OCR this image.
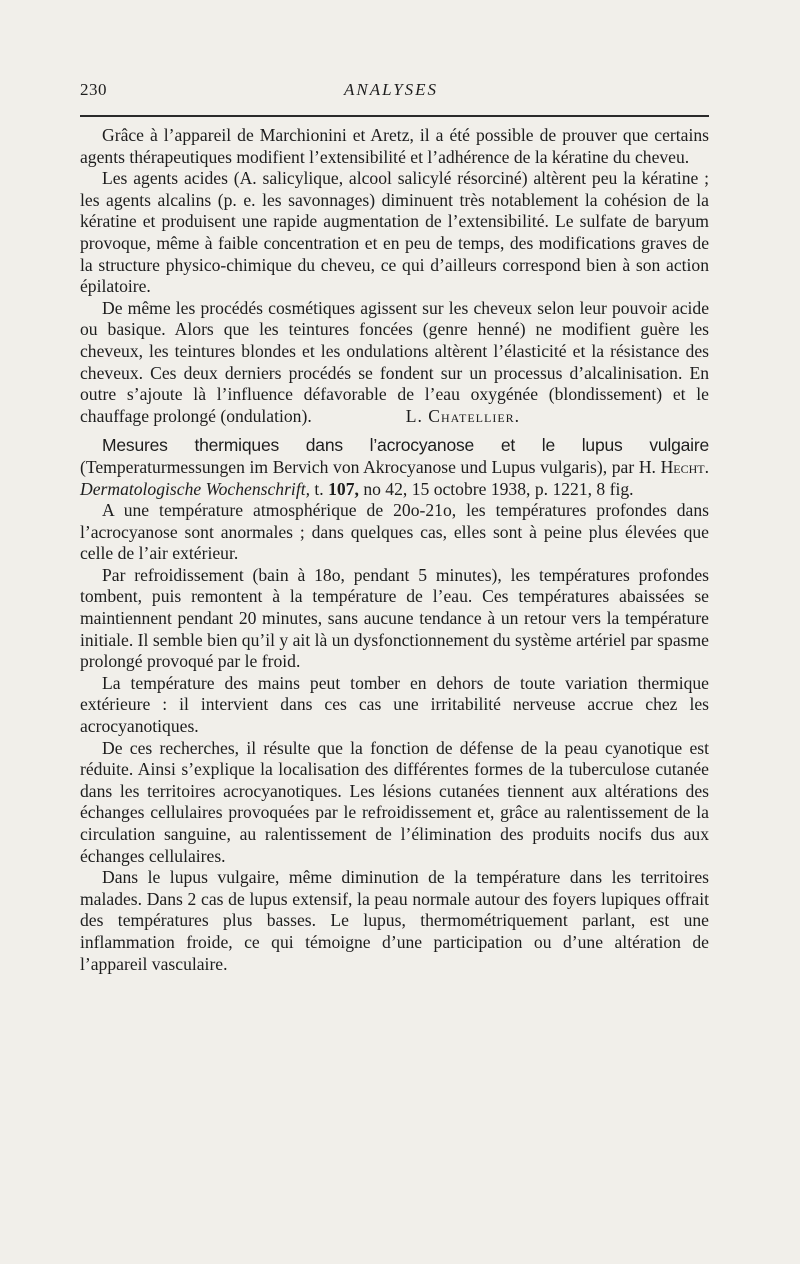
230	ANALYSES

Grâce à l’appareil de Marchionini et Aretz, il a été possible de prouver que certains agents thérapeutiques modifient l’extensibilité et l’adhérence de la kératine du cheveu.

Les agents acides (A. salicylique, alcool salicylé résorciné) altèrent peu la kératine ; les agents alcalins (p. e. les savonnages) diminuent très notablement la cohésion de la kératine et produisent une rapide augmentation de l’extensibilité. Le sulfate de baryum provoque, même à faible concentration et en peu de temps, des modifications graves de la structure physico-chimique du cheveu, ce qui d’ailleurs correspond bien à son action épilatoire.

De même les procédés cosmétiques agissent sur les cheveux selon leur pouvoir acide ou basique. Alors que les teintures foncées (genre henné) ne modifient guère les cheveux, les teintures blondes et les ondulations altèrent l’élasticité et la résistance des cheveux. Ces deux derniers procédés se fondent sur un processus d’alcalinisation. En outre s’ajoute là l’influence défavorable de l’eau oxygénée (blondissement) et le chauffage prolongé (ondulation).	L. Chatellier.

Mesures thermiques dans l’acrocyanose et le lupus vulgaire (Temperaturmessungen im Bervich von Akrocyanose und Lupus vulgaris), par H. Hecht. Dermatologische Wochenschrift, t. 107, no 42, 15 octobre 1938, p. 1221, 8 fig.

A une température atmosphérique de 20o-21o, les températures profondes dans l’acrocyanose sont anormales ; dans quelques cas, elles sont à peine plus élevées que celle de l’air extérieur.

Par refroidissement (bain à 18o, pendant 5 minutes), les températures profondes tombent, puis remontent à la température de l’eau. Ces températures abaissées se maintiennent pendant 20 minutes, sans aucune tendance à un retour vers la température initiale. Il semble bien qu’il y ait là un dysfonctionnement du système artériel par spasme prolongé provoqué par le froid.

La température des mains peut tomber en dehors de toute variation thermique extérieure : il intervient dans ces cas une irritabilité nerveuse accrue chez les acrocyanotiques.

De ces recherches, il résulte que la fonction de défense de la peau cyanotique est réduite. Ainsi s’explique la localisation des différentes formes de la tuberculose cutanée dans les territoires acrocyanotiques. Les lésions cutanées tiennent aux altérations des échanges cellulaires provoquées par le refroidissement et, grâce au ralentissement de la circulation sanguine, au ralentissement de l’élimination des produits nocifs dus aux échanges cellulaires.

Dans le lupus vulgaire, même diminution de la température dans les territoires malades. Dans 2 cas de lupus extensif, la peau normale autour des foyers lupiques offrait des températures plus basses. Le lupus, thermométriquement parlant, est une inflammation froide, ce qui témoigne d’une participation ou d’une altération de l’appareil vasculaire.
